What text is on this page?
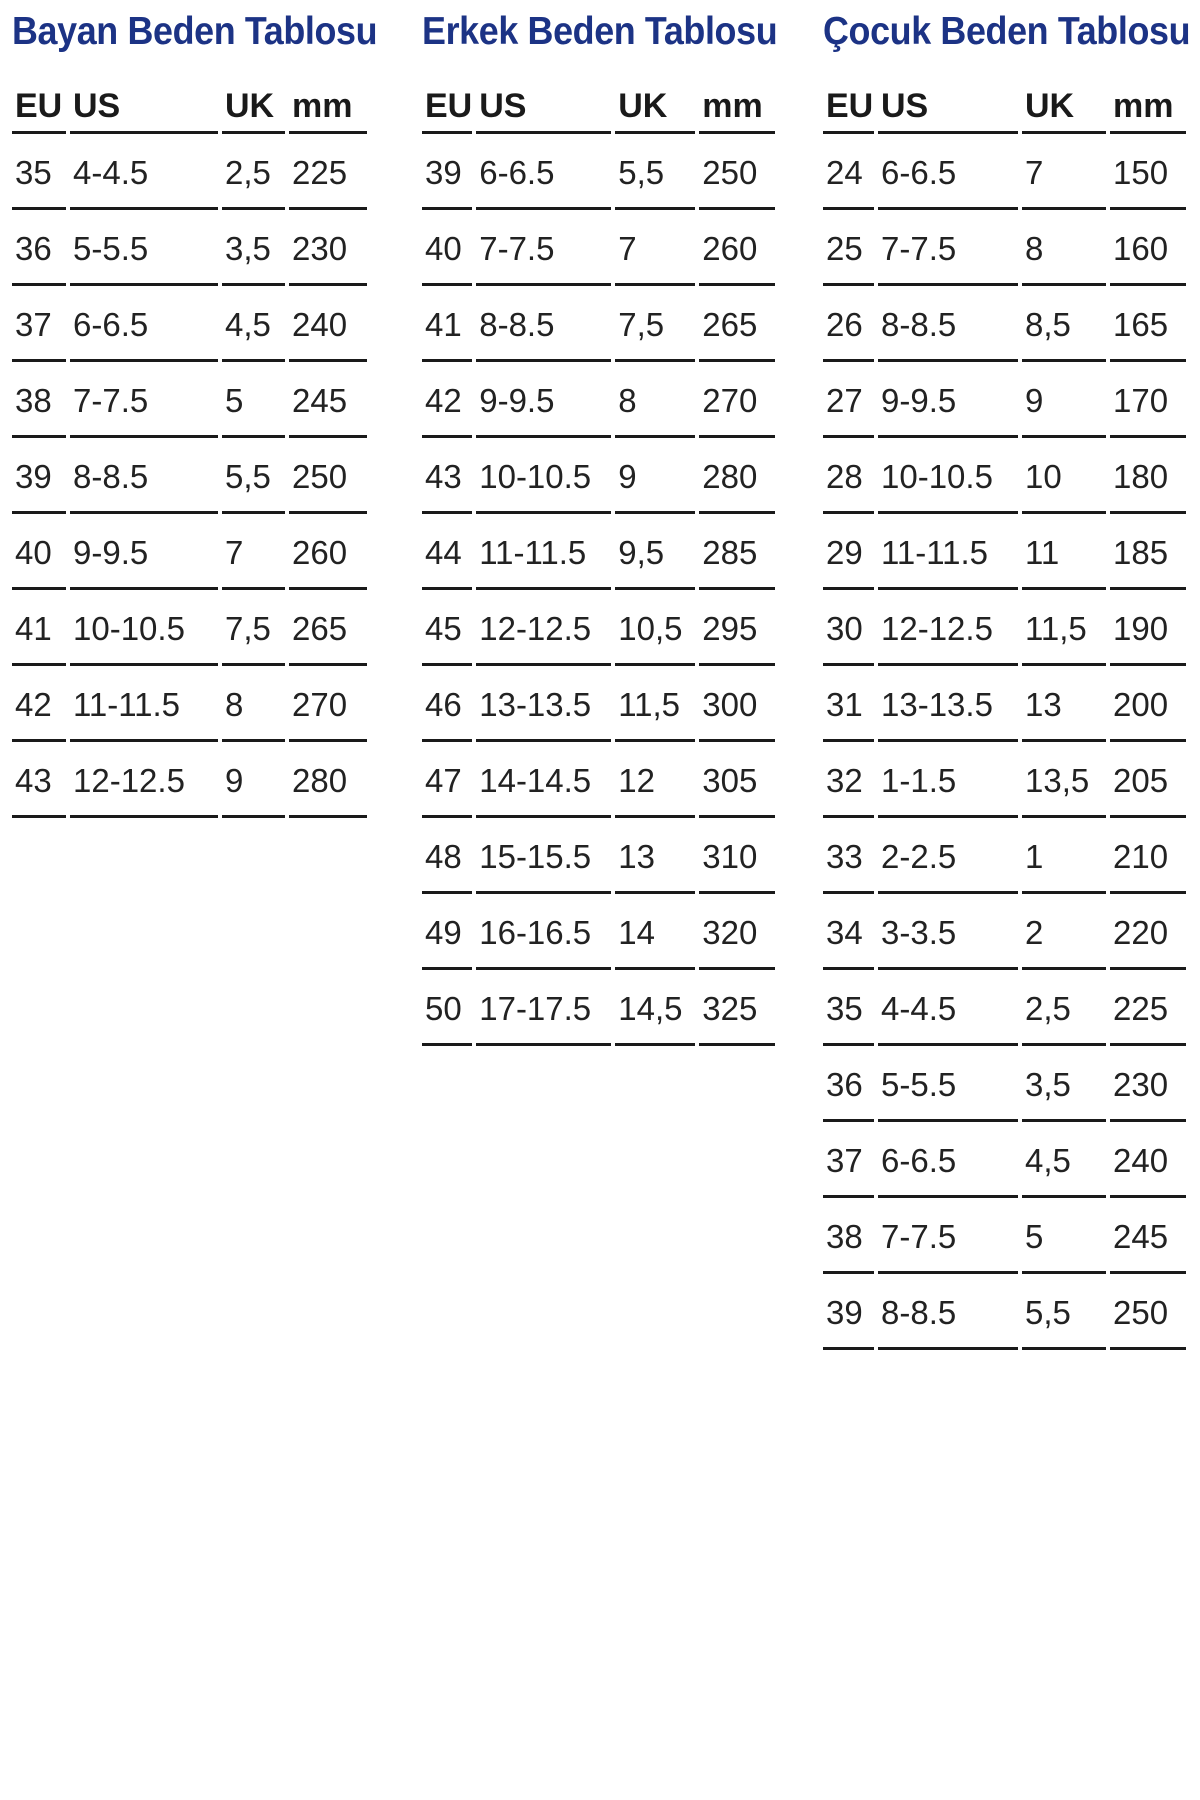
Bayan Beden Tablosu
EU	US	UK	mm
35	4-4.5	2,5	225
36	5-5.5	3,5	230
37	6-6.5	4,5	240
38	7-7.5	5	245
39	8-8.5	5,5	250
40	9-9.5	7	260
41	10-10.5	7,5	265
42	11-11.5	8	270
43	12-12.5	9	280
Erkek Beden Tablosu
EU	US	UK	mm
39	6-6.5	5,5	250
40	7-7.5	7	260
41	8-8.5	7,5	265
42	9-9.5	8	270
43	10-10.5	9	280
44	11-11.5	9,5	285
45	12-12.5	10,5	295
46	13-13.5	11,5	300
47	14-14.5	12	305
48	15-15.5	13	310
49	16-16.5	14	320
50	17-17.5	14,5	325
Çocuk Beden Tablosu
EU	US	UK	mm
24	6-6.5	7	150
25	7-7.5	8	160
26	8-8.5	8,5	165
27	9-9.5	9	170
28	10-10.5	10	180
29	11-11.5	11	185
30	12-12.5	11,5	190
31	13-13.5	13	200
32	1-1.5	13,5	205
33	2-2.5	1	210
34	3-3.5	2	220
35	4-4.5	2,5	225
36	5-5.5	3,5	230
37	6-6.5	4,5	240
38	7-7.5	5	245
39	8-8.5	5,5	250
